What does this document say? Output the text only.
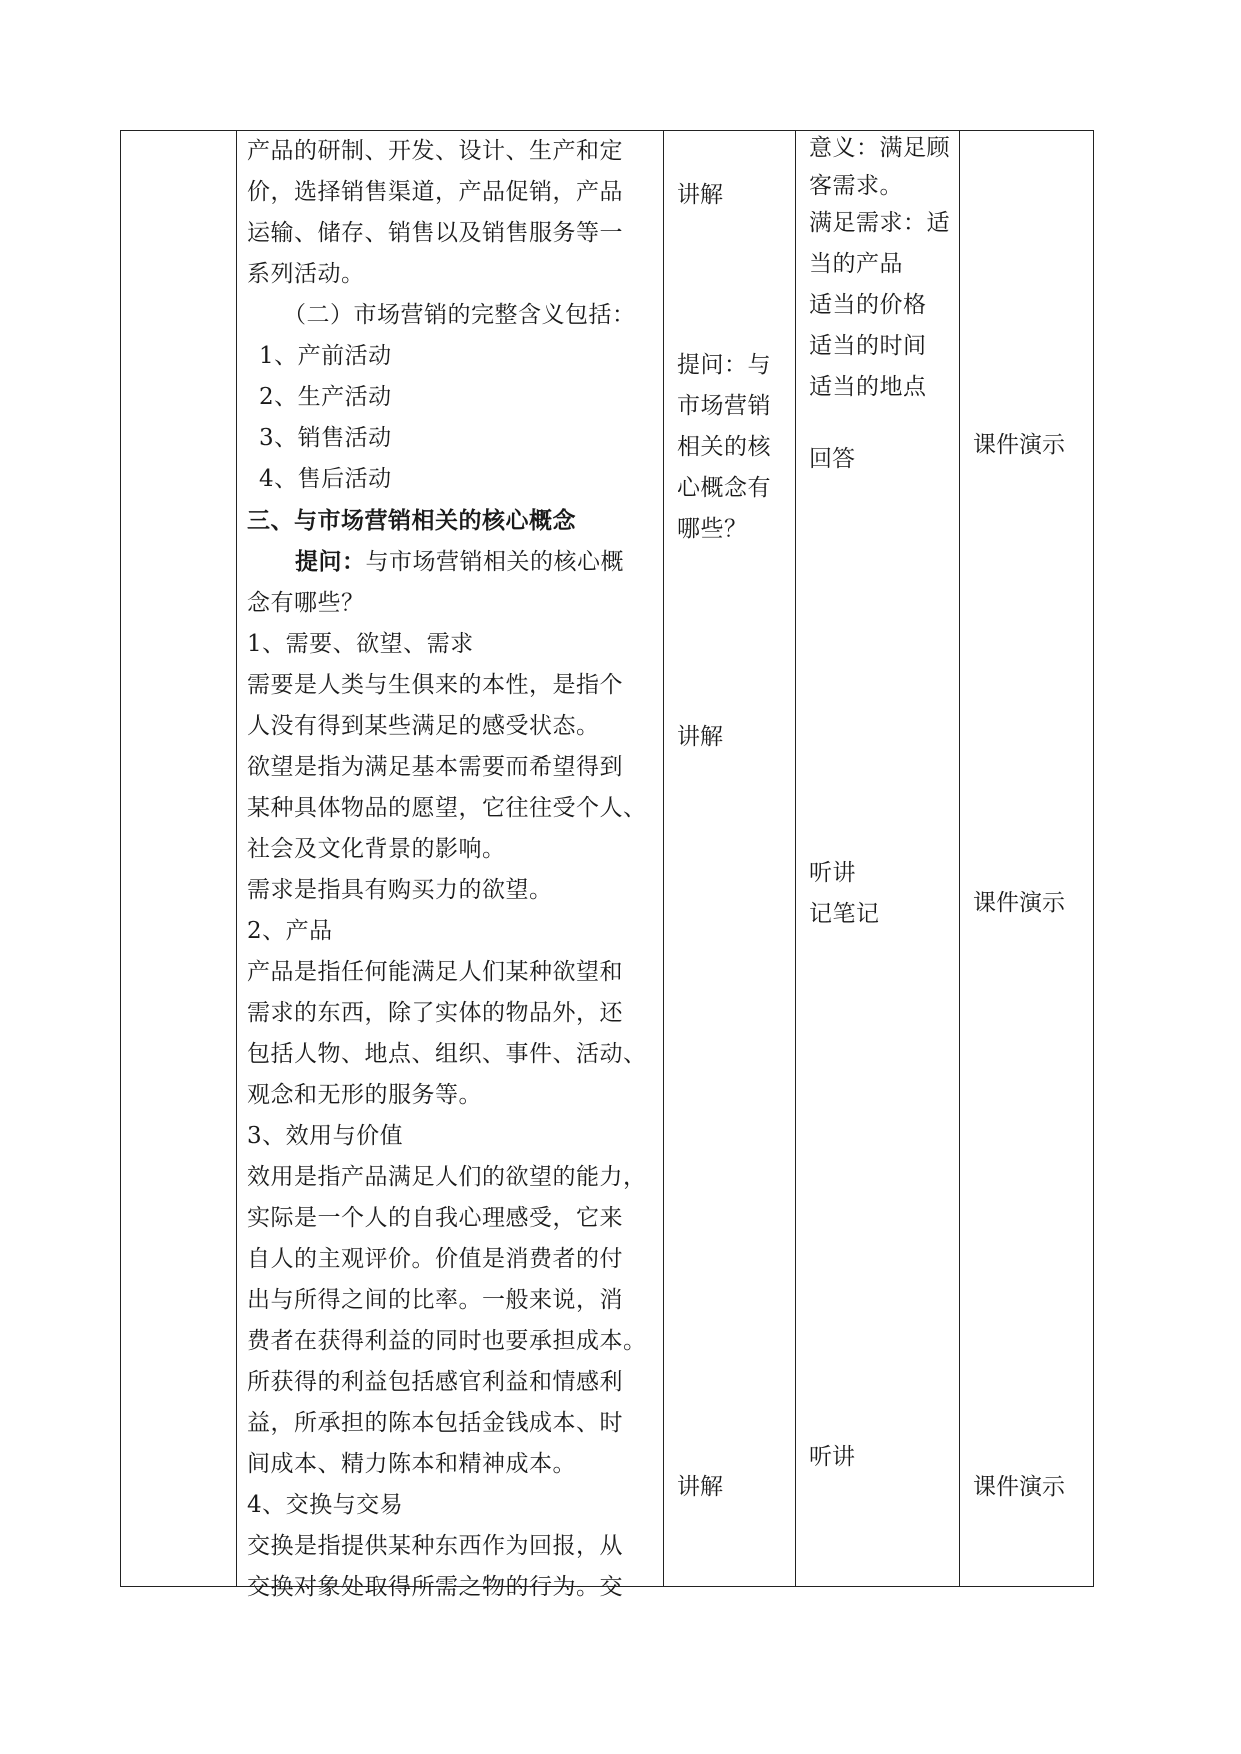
产品的研制、开发、设计、生产和定

价，选择销售渠道，产品促销，产品

运输、储存、销售以及销售服务等一

系列活动。

（二）市场营销的完整含义包括：

1、产前活动

2、生产活动

3、销售活动

4、售后活动

三、与市场营销相关的核心概念

提问：与市场营销相关的核心概

念有哪些？

1、需要、欲望、需求

需要是人类与生俱来的本性，是指个

人没有得到某些满足的感受状态。

欲望是指为满足基本需要而希望得到

某种具体物品的愿望，它往往受个人、

社会及文化背景的影响。

需求是指具有购买力的欲望。

2、产品

产品是指任何能满足人们某种欲望和

需求的东西，除了实体的物品外，还

包括人物、地点、组织、事件、活动、

观念和无形的服务等。

3、效用与价值

效用是指产品满足人们的欲望的能力，

实际是一个人的自我心理感受，它来

自人的主观评价。价值是消费者的付

出与所得之间的比率。一般来说，消

费者在获得利益的同时也要承担成本。

所获得的利益包括感官利益和情感利

益，所承担的陈本包括金钱成本、时

间成本、精力陈本和精神成本。

4、交换与交易

交换是指提供某种东西作为回报，从

交换对象处取得所需之物的行为。交

讲解

提问：与

市场营销

相关的核

心概念有

哪些？

讲解
讲解

意义：满足顾

客需求。

满足需求：适

当的产品

适当的价格

适当的时间

适当的地点

回答

听讲

记笔记

听讲
课件演示
课件演示
课件演示
